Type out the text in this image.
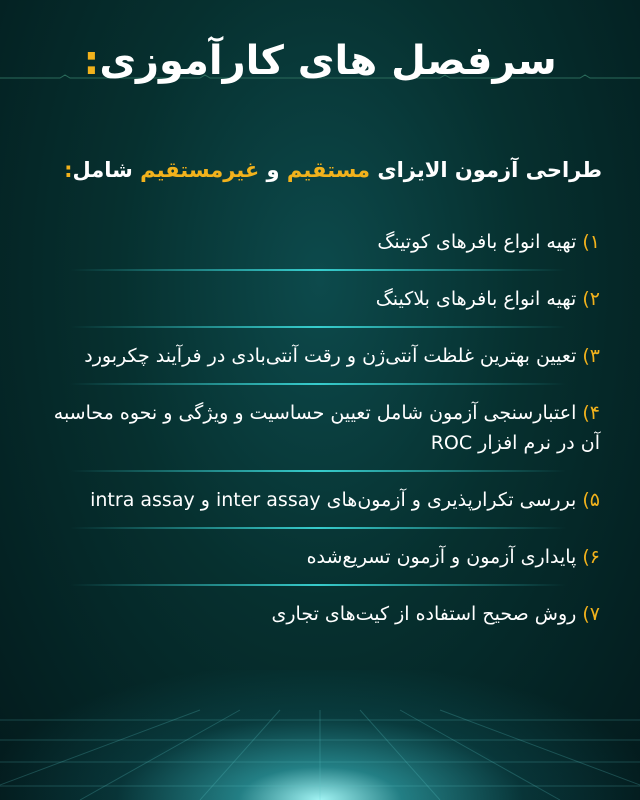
سرفصل های کارآموزی:
طراحی آزمون الایزای مستقیم و غیرمستقیم شامل:
۱)تهیه انواع بافرهای کوتینگ
۲)تهیه انواع بافرهای بلاکینگ
۳)تعیین بهترین غلظت آنتی‌ژن و رقت آنتی‌بادی در فرآیند چکربورد
۴)اعتبارسنجی آزمون شامل تعیین حساسیت و ویژگی و نحوه محاسبه آن در نرم افزار ROC
۵)بررسی تکرارپذیری و آزمون‌های inter assay و intra assay
۶)پایداری آزمون و آزمون تسریع‌شده
۷)روش صحیح استفاده از کیت‌های تجاری
